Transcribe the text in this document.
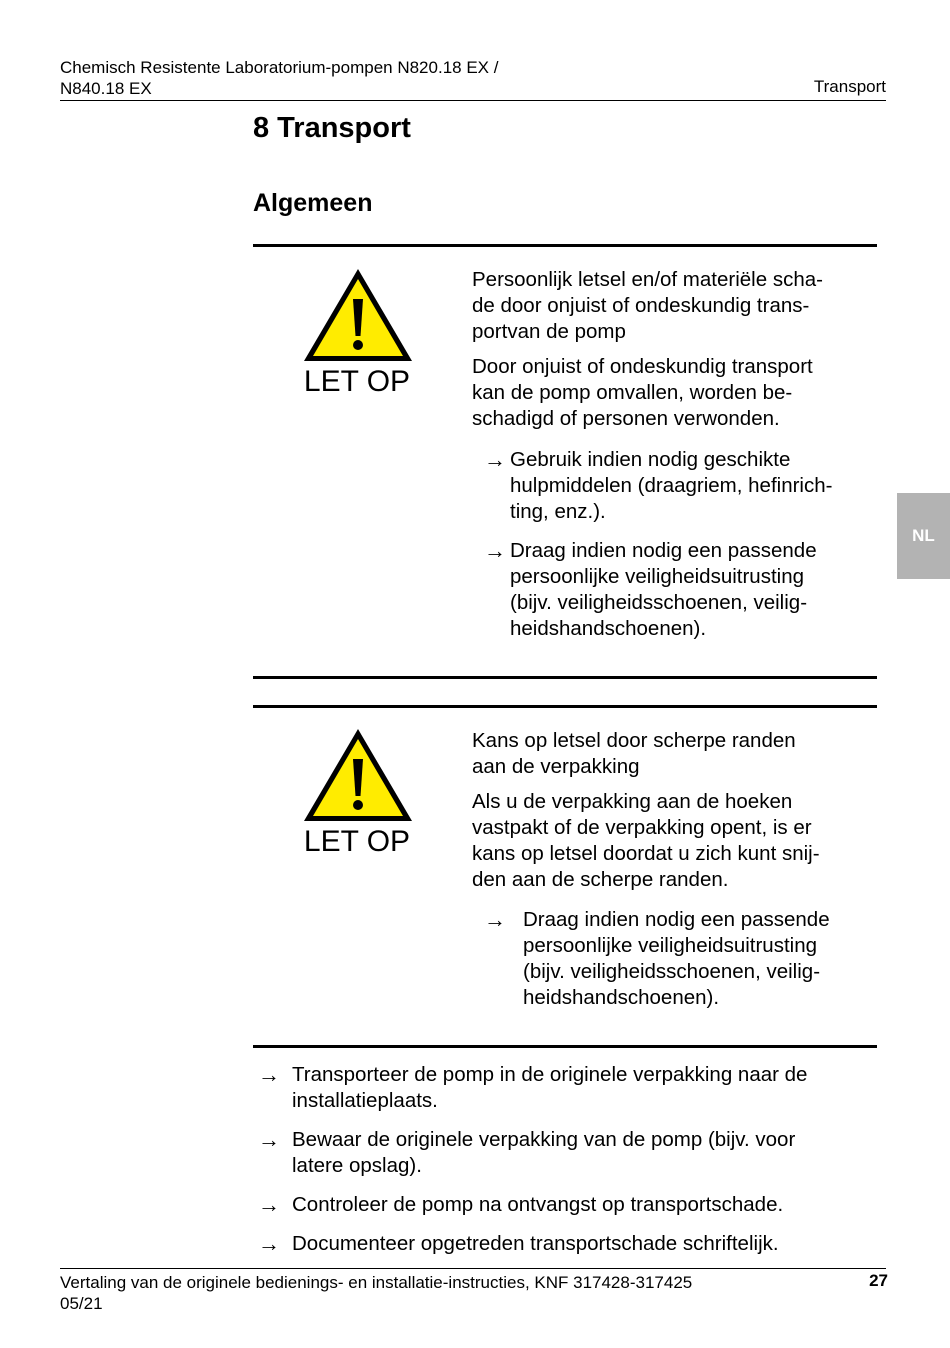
Chemisch Resistente Laboratorium-pompen N820.18 EX /
N840.18 EX	Transport
8 Transport
Algemeen
NL
LET OP
Persoonlijk letsel en/of materiële scha-
de door onjuist of ondeskundig trans-
portvan de pomp
Door onjuist of ondeskundig transport
kan de pomp omvallen, worden be-
schadigd of personen verwonden.
→ Gebruik indien nodig geschikte
hulpmiddelen (draagriem, hefinrich-
ting, enz.).
→ Draag indien nodig een passende
persoonlijke veiligheidsuitrusting
(bijv. veiligheidsschoenen, veilig-
heidshandschoenen).
LET OP
Kans op letsel door scherpe randen
aan de verpakking
Als u de verpakking aan de hoeken
vastpakt of de verpakking opent, is er
kans op letsel doordat u zich kunt snij-
den aan de scherpe randen.
→ Draag indien nodig een passende
persoonlijke veiligheidsuitrusting
(bijv. veiligheidsschoenen, veilig-
heidshandschoenen).
→ Transporteer de pomp in de originele verpakking naar de
installatieplaats.
→ Bewaar de originele verpakking van de pomp (bijv. voor
latere opslag).
→ Controleer de pomp na ontvangst op transportschade.
→ Documenteer opgetreden transportschade schriftelijk.
Vertaling van de originele bedienings- en installatie-instructies, KNF 317428-317425
05/21
27
